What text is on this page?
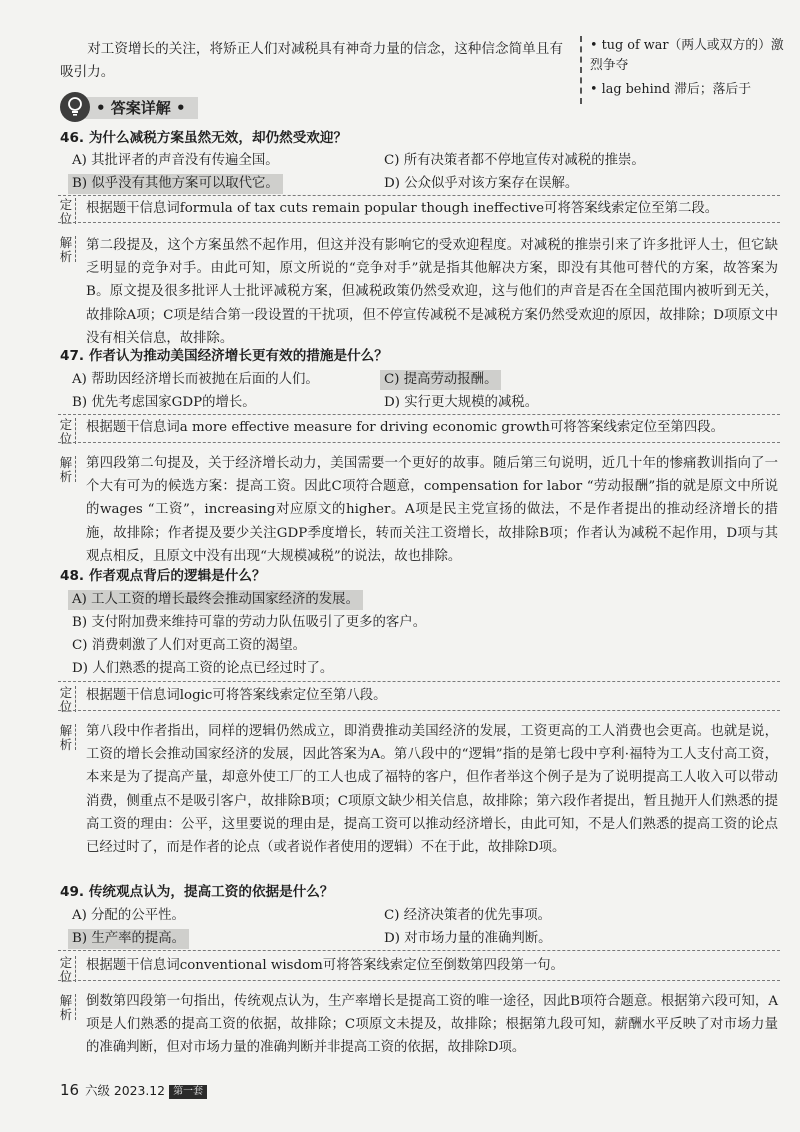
对工资增长的关注，将矫正人们对减税具有神奇力量的信念，这种信念简单且有吸引力。
• tug of war（两人或双方的）激烈争夺
• lag behind 滞后；落后于
• 答案详解 •
46. 为什么减税方案虽然无效，却仍然受欢迎？
A) 其批评者的声音没有传遍全国。	C) 所有决策者都不停地宣传对减税的推崇。
B) 似乎没有其他方案可以取代它。	D) 公众似乎对该方案存在误解。
定位
根据题干信息词formula of tax cuts remain popular though ineffective可将答案线索定位至第二段。
解析
第二段提及，这个方案虽然不起作用，但这并没有影响它的受欢迎程度。对减税的推崇引来了许多批评人士，但它缺乏明显的竞争对手。由此可知，原文所说的“竞争对手”就是指其他解决方案，即没有其他可替代的方案，故答案为B。原文提及很多批评人士批评减税方案，但减税政策仍然受欢迎，这与他们的声音是否在全国范围内被听到无关，故排除A项；C项是结合第一段设置的干扰项，但不停宣传减税不是减税方案仍然受欢迎的原因，故排除；D项原文中没有相关信息，故排除。
47. 作者认为推动美国经济增长更有效的措施是什么？
A) 帮助因经济增长而被抛在后面的人们。	C) 提高劳动报酬。
B) 优先考虑国家GDP的增长。	D) 实行更大规模的减税。
定位
根据题干信息词a more effective measure for driving economic growth可将答案线索定位至第四段。
解析
第四段第二句提及，关于经济增长动力，美国需要一个更好的故事。随后第三句说明，近几十年的惨痛教训指向了一个大有可为的候选方案：提高工资。因此C项符合题意，compensation for labor “劳动报酬”指的就是原文中所说的wages “工资”，increasing对应原文的higher。A项是民主党宣扬的做法，不是作者提出的推动经济增长的措施，故排除；作者提及要少关注GDP季度增长，转而关注工资增长，故排除B项；作者认为减税不起作用，D项与其观点相反，且原文中没有出现“大规模减税”的说法，故也排除。
48. 作者观点背后的逻辑是什么？
A) 工人工资的增长最终会推动国家经济的发展。
B) 支付附加费来维持可靠的劳动力队伍吸引了更多的客户。
C) 消费刺激了人们对更高工资的渴望。
D) 人们熟悉的提高工资的论点已经过时了。
定位
根据题干信息词logic可将答案线索定位至第八段。
解析
第八段中作者指出，同样的逻辑仍然成立，即消费推动美国经济的发展，工资更高的工人消费也会更高。也就是说，工资的增长会推动国家经济的发展，因此答案为A。第八段中的“逻辑”指的是第七段中亨利·福特为工人支付高工资，本来是为了提高产量，却意外使工厂的工人也成了福特的客户，但作者举这个例子是为了说明提高工人收入可以带动消费，侧重点不是吸引客户，故排除B项；C项原文缺少相关信息，故排除；第六段作者提出，暂且抛开人们熟悉的提高工资的理由：公平，这里要说的理由是，提高工资可以推动经济增长，由此可知，不是人们熟悉的提高工资的论点已经过时了，而是作者的论点（或者说作者使用的逻辑）不在于此，故排除D项。
49. 传统观点认为，提高工资的依据是什么？
A) 分配的公平性。	C) 经济决策者的优先事项。
B) 生产率的提高。	D) 对市场力量的准确判断。
定位
根据题干信息词conventional wisdom可将答案线索定位至倒数第四段第一句。
解析
倒数第四段第一句指出，传统观点认为，生产率增长是提高工资的唯一途径，因此B项符合题意。根据第六段可知，A项是人们熟悉的提高工资的依据，故排除；C项原文未提及，故排除；根据第九段可知，薪酬水平反映了对市场力量的准确判断，但对市场力量的准确判断并非提高工资的依据，故排除D项。
16 六级 2023.12 第一套
